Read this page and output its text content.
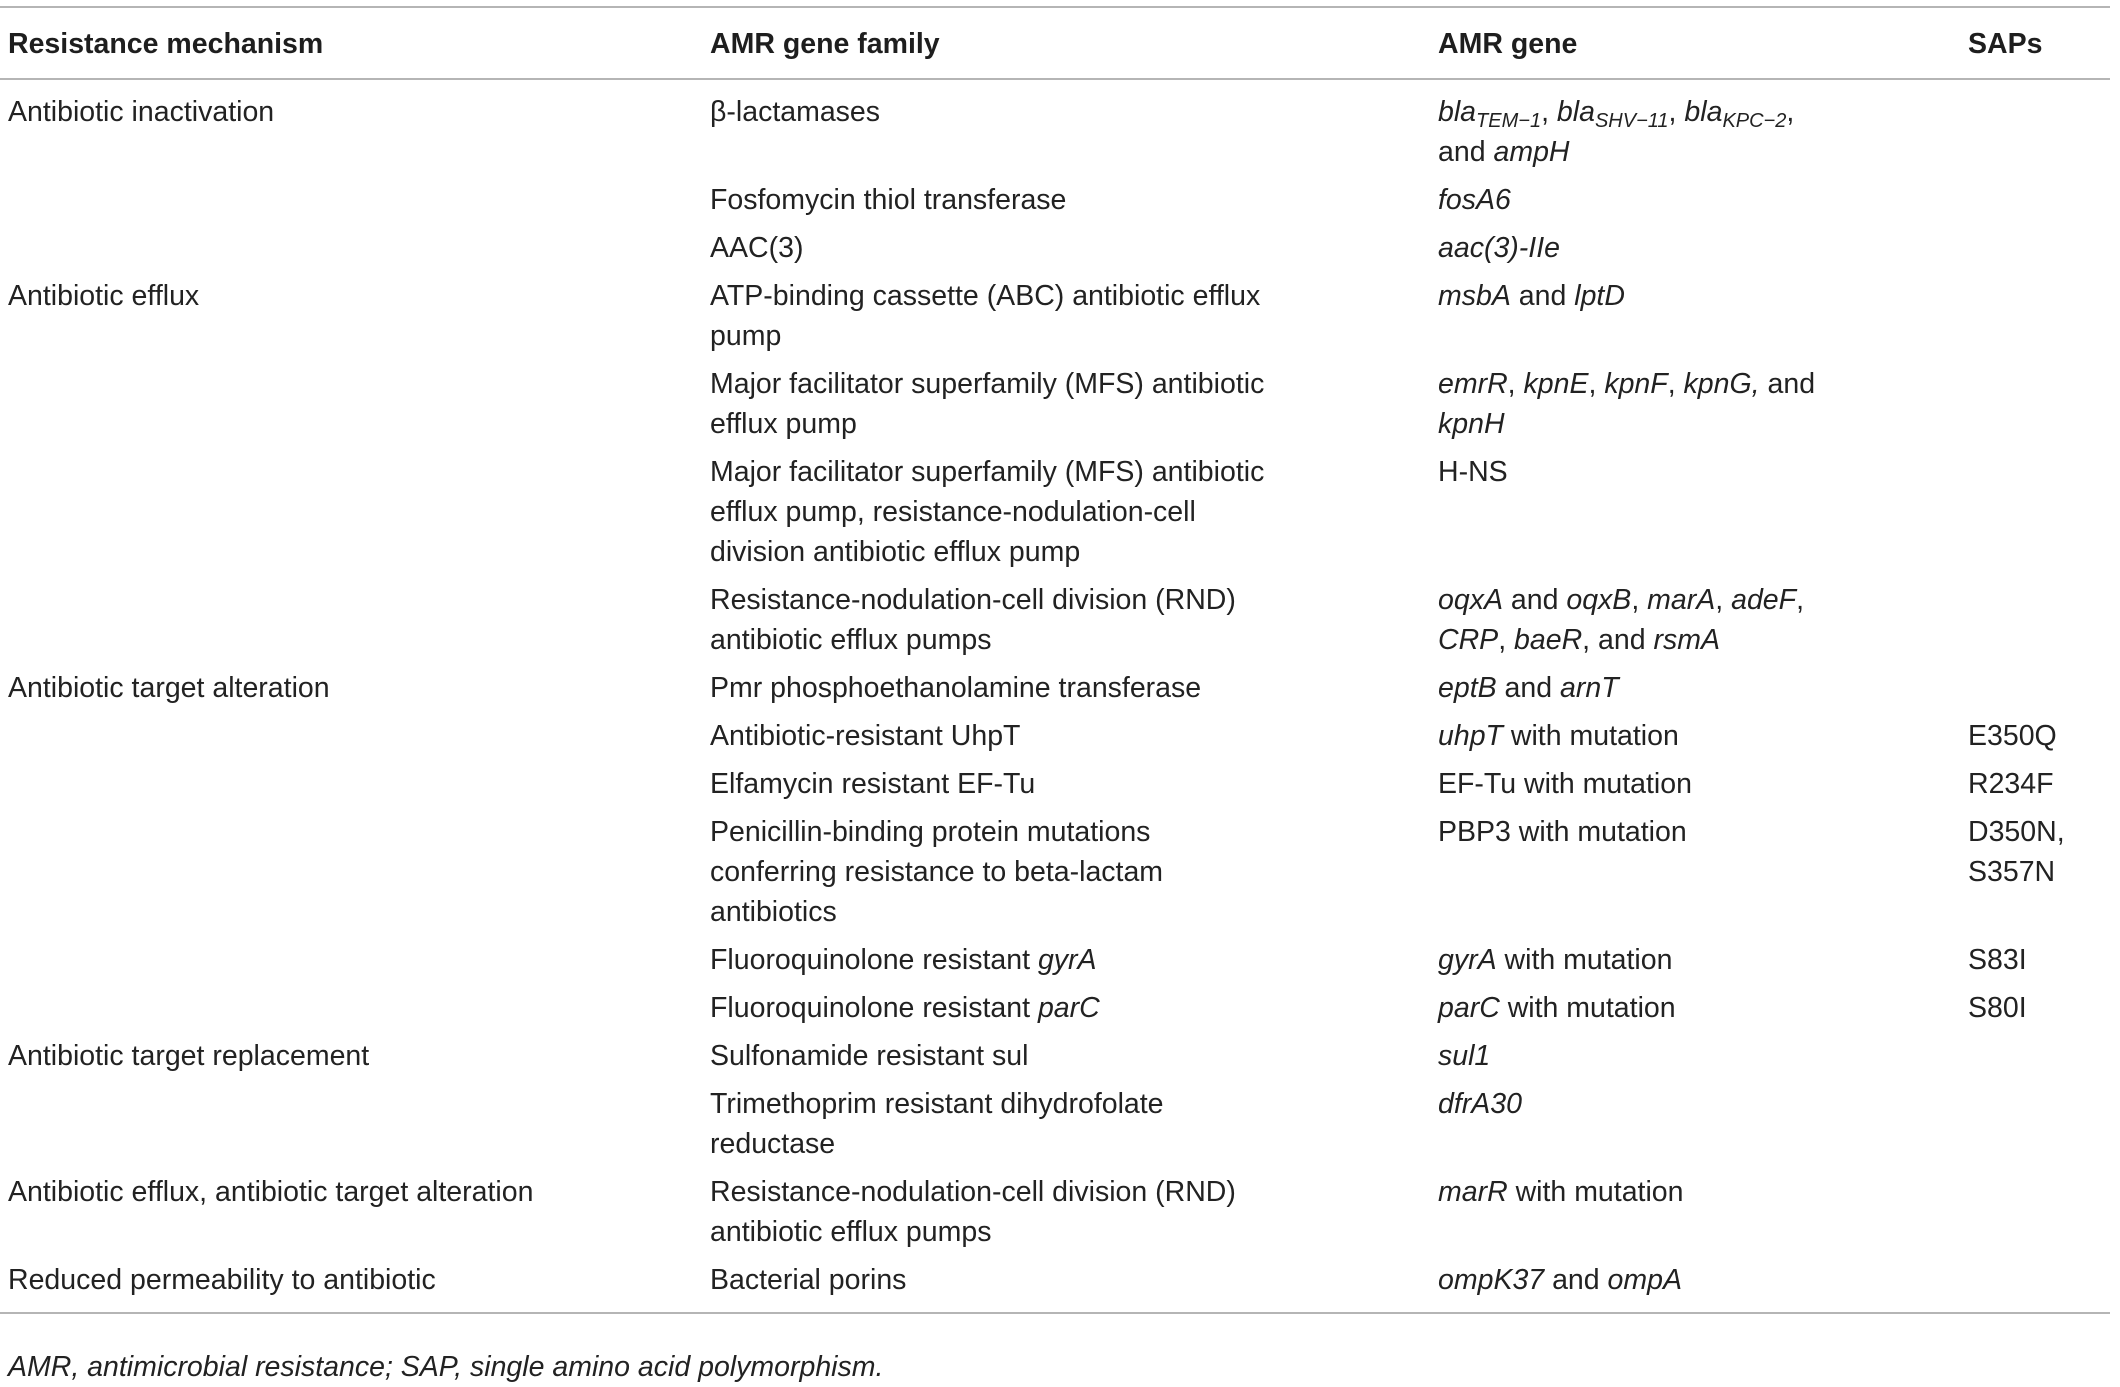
Resistance mechanism	AMR gene family	AMR gene	SAPs
Antibiotic inactivation	β-lactamases	bla$_{TEM-1}$, bla$_{SHV-11}$, bla$_{KPC-2}$, and ampH	

	Fosfomycin thiol transferase	fosA6	

	AAC(3)	aac(3)-IIe	

Antibiotic efflux	ATP-binding cassette (ABC) antibiotic efflux pump	msbA and lptD	

	Major facilitator superfamily (MFS) antibiotic efflux pump	emrR, kpnE, kpnF, kpnG, and kpnH	

	Major facilitator superfamily (MFS) antibiotic efflux pump, resistance-nodulation-cell division antibiotic efflux pump	H-NS	

	Resistance-nodulation-cell division (RND) antibiotic efflux pumps	oqxA and oqxB, marA, adeF, CRP, baeR, and rsmA	

Antibiotic target alteration	Pmr phosphoethanolamine transferase	eptB and arnT	

	Antibiotic-resistant UhpT	uhpT with mutation	E350Q

	Elfamycin resistant EF-Tu	EF-Tu with mutation	R234F

	Penicillin-binding protein mutations conferring resistance to beta-lactam antibiotics	PBP3 with mutation	D350N, S357N

	Fluoroquinolone resistant gyrA	gyrA with mutation	S83I

	Fluoroquinolone resistant parC	parC with mutation	S80I
Antibiotic target replacement	Sulfonamide resistant sul	sul1	

	Trimethoprim resistant dihydrofolate reductase	dfrA30	

Antibiotic efflux, antibiotic target alteration	Resistance-nodulation-cell division (RND) antibiotic efflux pumps	marR with mutation	

Reduced permeability to antibiotic	Bacterial porins	ompK37 and ompA	

AMR, antimicrobial resistance; SAP, single amino acid polymorphism.
